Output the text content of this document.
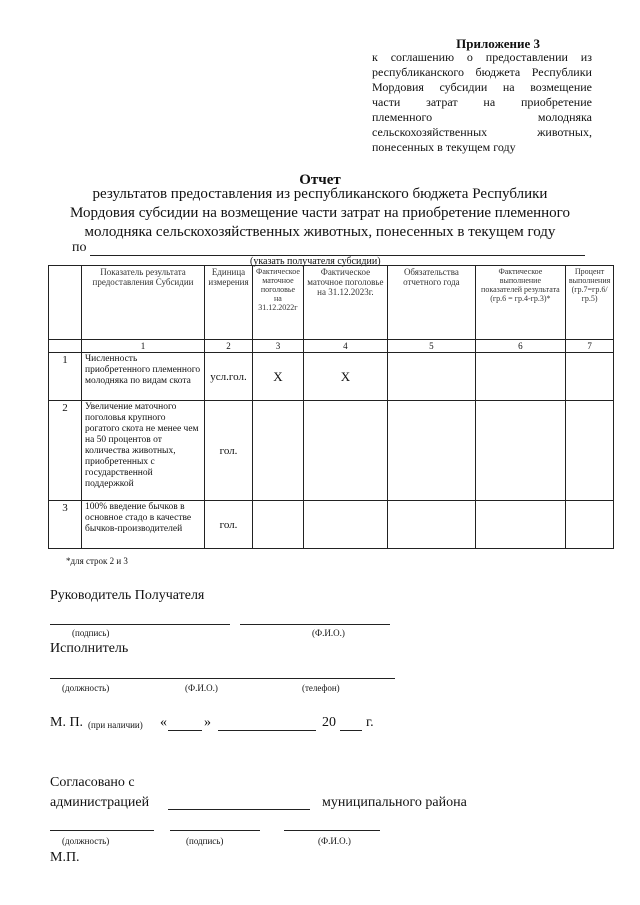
Приложение 3
к соглашению о предоставлении из
республиканского бюджета Республики
Мордовия субсидии на возмещение
части затрат на приобретение
племенного	молодняка
сельскохозяйственных	животных,
понесенных в текущем году
Отчет
результатов предоставления из республиканского бюджета Республики
Мордовия субсидии на возмещение части затрат на приобретение племенного
молодняка сельскохозяйственных животных, понесенных в текущем году
по
(указать получателя субсидии)
	Показатель результата предоставления Субсидии	Единица измерения	Фактическое маточное поголовье на 31.12.2022г	Фактическое маточное поголовье на 31.12.2023г.	Обязательства отчетного года	Фактическое выполнение показателей результата (гр.6 = гр.4-гр.3)*	Процент выполнения (гр.7=гр.6/гр.5)
	1	2	3	4	5	6	7
1	Численность приобретенного племенного молодняка по видам скота	усл.гол.	X	X			
2	Увеличение маточного поголовья крупного рогатого скота не менее чем на 50 процентов от количества животных, приобретенных с государственной поддержкой	гол.					
3	100% введение бычков в основное стадо в качестве бычков-производителей	гол.					
*для строк 2 и 3
Руководитель Получателя
(подпись)	(Ф.И.О.)
Исполнитель
(должность)	(Ф.И.О.)	(телефон)
М. П. (при наличии) «	»	20 г.
Согласовано с
администрацией	муниципального района
(должность)	(подпись)	(Ф.И.О.)
М.П.
